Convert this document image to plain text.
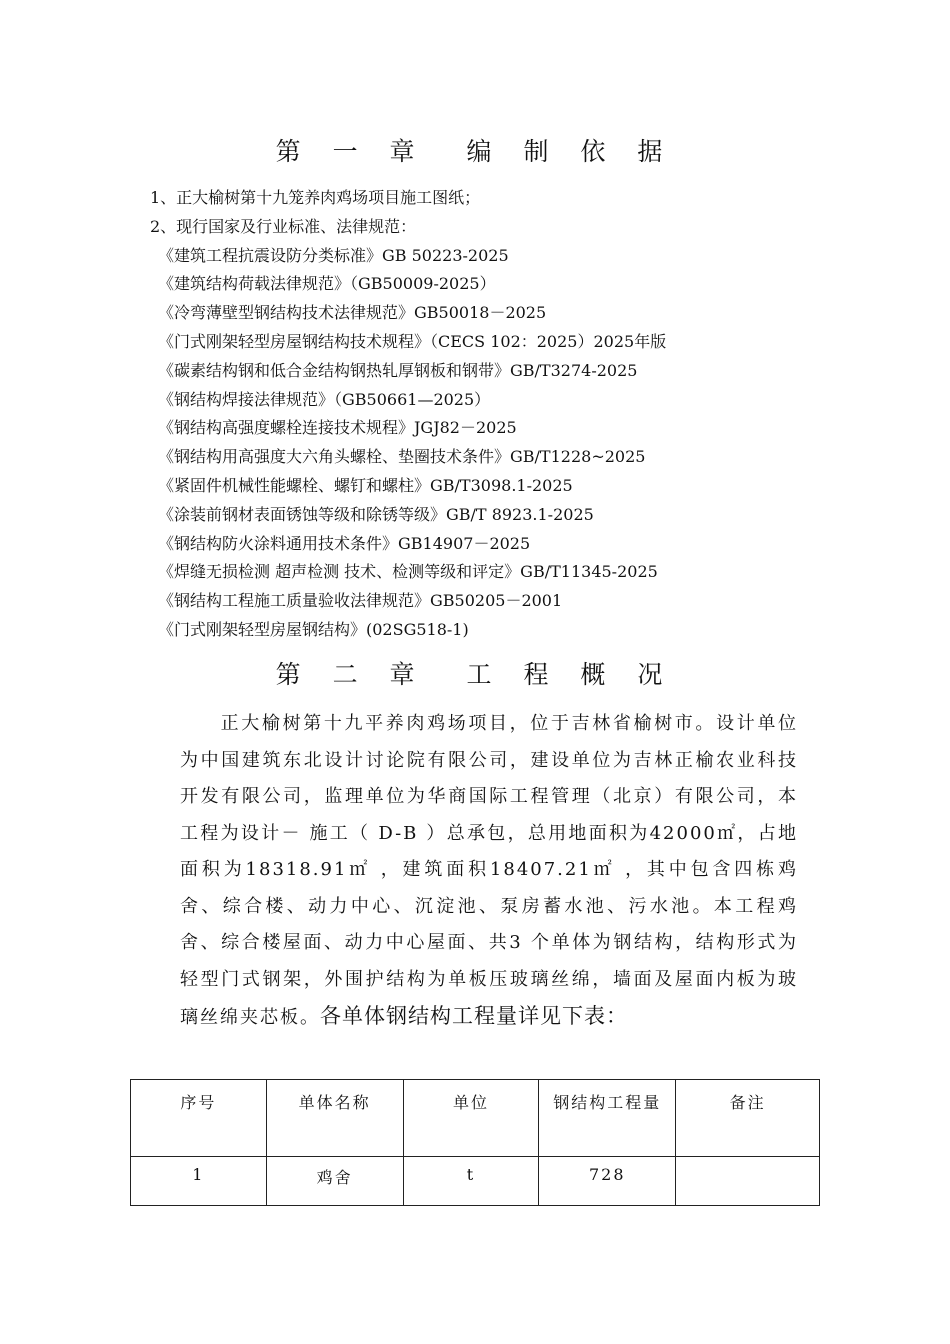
第 一 章 编 制 依 据
1、正大榆树第十九笼养肉鸡场项目施工图纸；
2、现行国家及行业标准、法律规范：
《建筑工程抗震设防分类标准》GB 50223-2025
《建筑结构荷载法律规范》（GB50009-2025）
《冷弯薄壁型钢结构技术法律规范》GB50018－2025
《门式刚架轻型房屋钢结构技术规程》（CECS 102：2025）2025年版
《碳素结构钢和低合金结构钢热轧厚钢板和钢带》GB/T3274-2025
《钢结构焊接法律规范》（GB50661—2025）
《钢结构高强度螺栓连接技术规程》JGJ82－2025
《钢结构用高强度大六角头螺栓、垫圈技术条件》GB/T1228~2025
《紧固件机械性能螺栓、螺钉和螺柱》GB/T3098.1-2025
《涂装前钢材表面锈蚀等级和除锈等级》GB/T 8923.1-2025
《钢结构防火涂料通用技术条件》GB14907－2025
《焊缝无损检测 超声检测 技术、检测等级和评定》GB/T11345-2025
《钢结构工程施工质量验收法律规范》GB50205－2001
《门式刚架轻型房屋钢结构》(02SG518-1)
第 二 章 工 程 概 况
正大榆树第十九平养肉鸡场项目，位于吉林省榆树市。设计单位为中国建筑东北设计讨论院有限公司，建设单位为吉林正榆农业科技开发有限公司，监理单位为华商国际工程管理（北京）有限公司，本工程为设计－ 施工（ D-B ）总承包，总用地面积为42000㎡，占地面积为18318.91㎡ ，建筑面积18407.21㎡ ，其中包含四栋鸡舍、综合楼、动力中心、沉淀池、泵房蓄水池、污水池。本工程鸡舍、综合楼屋面、动力中心屋面、共3 个单体为钢结构，结构形式为轻型门式钢架，外围护结构为单板压玻璃丝绵，墙面及屋面内板为玻璃丝绵夹芯板。各单体钢结构工程量详见下表：
序号	单体名称	单位	钢结构工程量	备注
1	鸡舍	t	728	
